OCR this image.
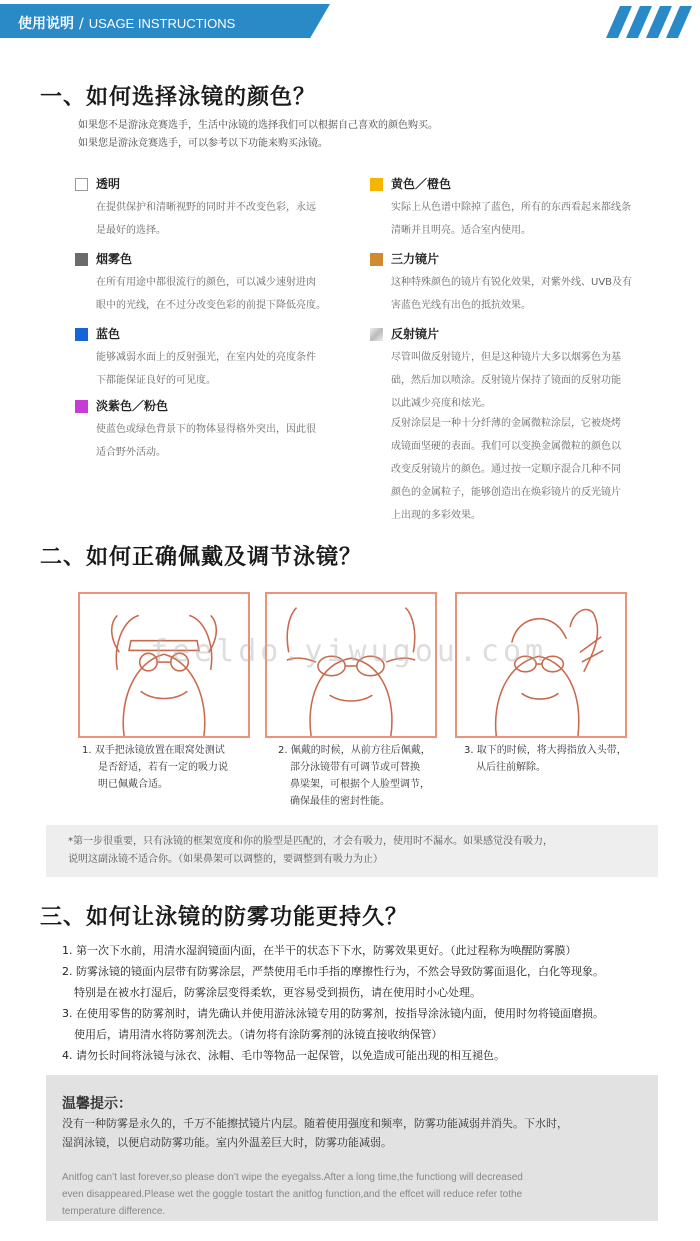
使用说明 / USAGE INSTRUCTIONS
一、如何选择泳镜的颜色？
如果您不是游泳竞赛选手，生活中泳镜的选择我们可以根据自己喜欢的颜色购买。
如果您是游泳竞赛选手，可以参考以下功能来购买泳镜。
透明
在提供保护和清晰视野的同时并不改变色彩，永远
是最好的选择。
黄色／橙色
实际上从色谱中除掉了蓝色，所有的东西看起来都线条
清晰并且明亮。适合室内使用。
烟雾色
在所有用途中都很流行的颜色，可以减少速射进肉
眼中的光线，在不过分改变色彩的前提下降低亮度。
三力镜片
这种特殊颜色的镜片有锐化效果，对紫外线、UVB及有
害蓝色光线有出色的抵抗效果。
蓝色
能够减弱水面上的反射强光，在室内处的亮度条件
下都能保证良好的可见度。
反射镜片
尽管叫做反射镜片，但是这种镜片大多以烟雾色为基
础，然后加以喷涂。反射镜片保持了镜面的反射功能
以此减少亮度和炫光。
反射涂层是一种十分纤薄的金属微粒涂层，它被烧烤
成镜面坚硬的表面。我们可以变换金属微粒的颜色以
改变反射镜片的颜色。通过按一定顺序混合几种不同
颜色的金属粒子，能够创造出在焕彩镜片的反光镜片
上出现的多彩效果。
淡紫色／粉色
使蓝色或绿色背景下的物体显得格外突出，因此很
适合野外活动。
二、如何正确佩戴及调节泳镜？
feeldo.yiwugou.com
1. 双手把泳镜放置在眼窝处测试
是否舒适，若有一定的吸力说
明已佩戴合适。
2. 佩戴的时候，从前方往后佩戴，
部分泳镜带有可调节或可替换
鼻梁架，可根据个人脸型调节，
确保最佳的密封性能。
3. 取下的时候，将大拇指放入头带，
从后往前解除。
*第一步很重要，只有泳镜的框架宽度和你的脸型是匹配的，才会有吸力，使用时不漏水。如果感觉没有吸力，
说明这副泳镜不适合你。（如果鼻架可以调整的，要调整到有吸力为止）
三、如何让泳镜的防雾功能更持久？
1. 第一次下水前，用清水湿润镜面内面，在半干的状态下下水，防雾效果更好。（此过程称为唤醒防雾膜）
2. 防雾泳镜的镜面内层带有防雾涂层，严禁使用毛巾手指的摩擦性行为，不然会导致防雾面退化，白化等现象。
特别是在被水打湿后，防雾涂层变得柔软，更容易受到损伤，请在使用时小心处理。
3. 在使用零售的防雾剂时，请先确认并使用游泳泳镜专用的防雾剂，按指导涂泳镜内面，使用时勿将镜面磨损。
使用后，请用清水将防雾剂洗去。（请勿将有涂防雾剂的泳镜直接收纳保管）
4. 请勿长时间将泳镜与泳衣、泳帽、毛巾等物品一起保管，以免造成可能出现的相互褪色。
温馨提示：
没有一种防雾是永久的，千万不能擦拭镜片内层。随着使用强度和频率，防雾功能减弱并消失。下水时，
湿润泳镜，以便启动防雾功能。室内外温差巨大时，防雾功能减弱。
Anitfog can’t last forever,so please don’t wipe the eyegalss.After a long time,the functiong will decreased
even disappeared.Please wet the goggle tostart the anitfog function,and the effcet will reduce refer tothe
temperature difference.
